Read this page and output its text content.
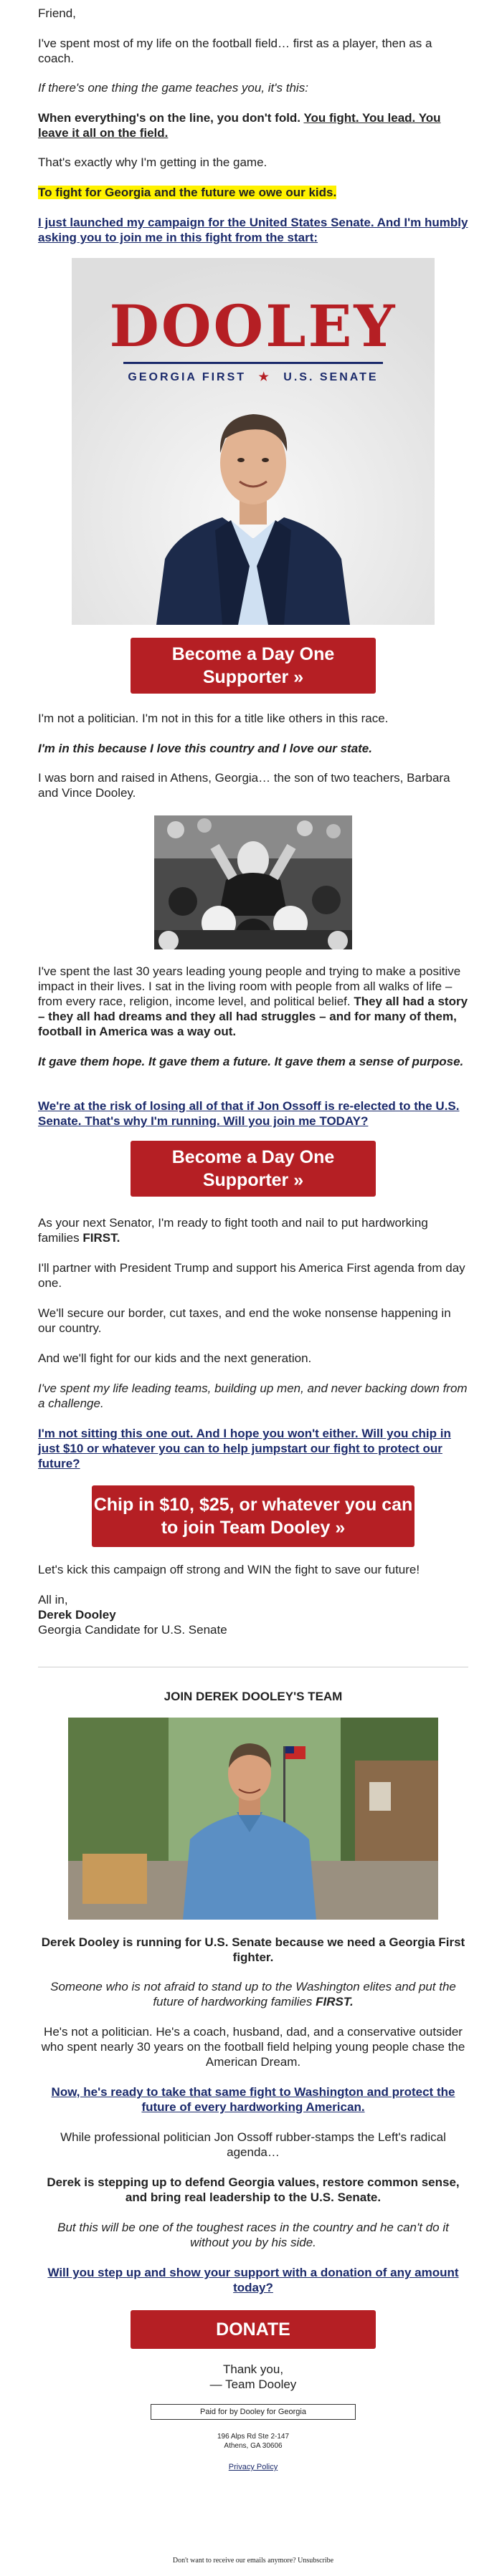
Friend,

I've spent most of my life on the football field… first as a player, then as a coach.

If there's one thing the game teaches you, it's this:

When everything's on the line, you don't fold. You fight. You lead. You leave it all on the field.

That's exactly why I'm getting in the game.

To fight for Georgia and the future we owe our kids.

I just launched my campaign for the United States Senate. And I'm humbly asking you to join me in this fight from the start:

DOOLEY
GEORGIA FIRST ★ U.S. SENATE
Become a Day One Supporter »

I'm not a politician. I'm not in this for a title like others in this race.

I'm in this because I love this country and I love our state.

I was born and raised in Athens, Georgia… the son of two teachers, Barbara and Vince Dooley.

I've spent the last 30 years leading young people and trying to make a positive impact in their lives. I sat in the living room with people from all walks of life – from every race, religion, income level, and political belief. They all had a story – they all had dreams and they all had struggles – and for many of them, football in America was a way out.

It gave them hope. It gave them a future. It gave them a sense of purpose.

We're at the risk of losing all of that if Jon Ossoff is re-elected to the U.S. Senate. That's why I'm running. Will you join me TODAY?

Become a Day One Supporter »

As your next Senator, I'm ready to fight tooth and nail to put hardworking families FIRST.

I'll partner with President Trump and support his America First agenda from day one.

We'll secure our border, cut taxes, and end the woke nonsense happening in our country.

And we'll fight for our kids and the next generation.

I've spent my life leading teams, building up men, and never backing down from a challenge.

I'm not sitting this one out. And I hope you won't either. Will you chip in just $10 or whatever you can to help jumpstart our fight to protect our future?

Chip in $10, $25, or whatever you can to join Team Dooley »

Let's kick this campaign off strong and WIN the fight to save our future!

All in,

Derek Dooley

Georgia Candidate for U.S. Senate

JOIN DEREK DOOLEY'S TEAM

Derek Dooley is running for U.S. Senate because we need a Georgia First fighter.

Someone who is not afraid to stand up to the Washington elites and put the future of hardworking families FIRST.

He's not a politician. He's a coach, husband, dad, and a conservative outsider who spent nearly 30 years on the football field helping young people chase the American Dream.

Now, he's ready to take that same fight to Washington and protect the future of every hardworking American.

While professional politician Jon Ossoff rubber-stamps the Left's radical agenda…

Derek is stepping up to defend Georgia values, restore common sense, and bring real leadership to the U.S. Senate.

But this will be one of the toughest races in the country and he can't do it without you by his side.

Will you step up and show your support with a donation of any amount today?

DONATE

Thank you,

— Team Dooley

Paid for by Dooley for Georgia

196 Alps Rd Ste 2-147

Athens, GA 30606

Privacy Policy

Don't want to receive our emails anymore? Unsubscribe
